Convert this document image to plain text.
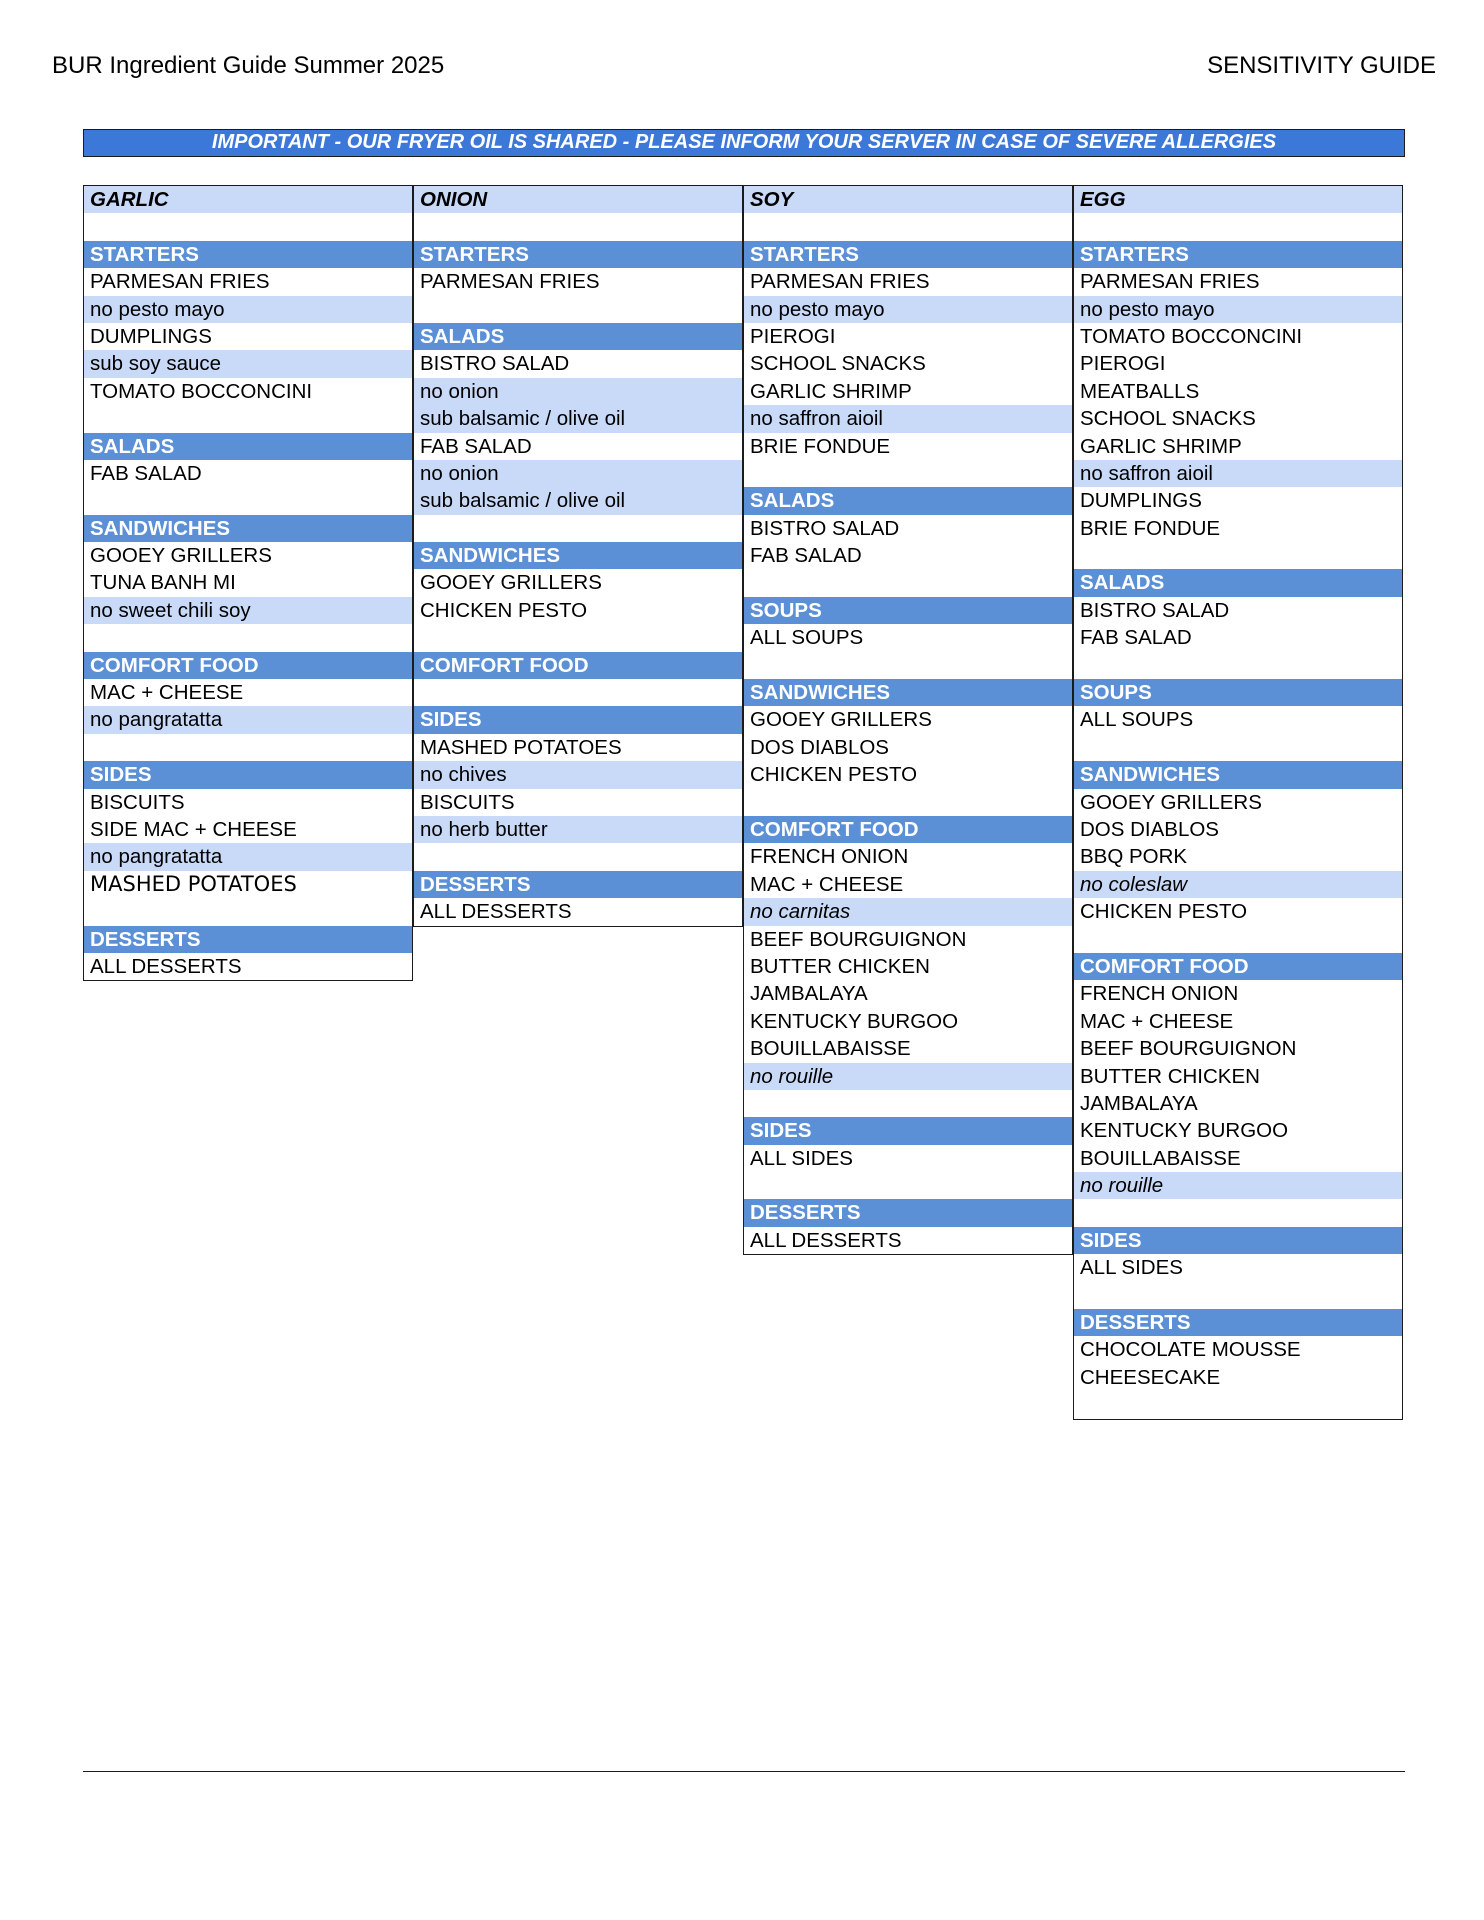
BUR Ingredient Guide Summer 2025	SENSITIVITY GUIDE
IMPORTANT - OUR FRYER OIL IS SHARED - PLEASE INFORM YOUR SERVER IN CASE OF SEVERE ALLERGIES
GARLIC
STARTERS
PARMESAN FRIES
no pesto mayo
DUMPLINGS
sub soy sauce
TOMATO BOCCONCINI
SALADS
FAB SALAD
SANDWICHES
GOOEY GRILLERS
TUNA BANH MI
no sweet chili soy
COMFORT FOOD
MAC + CHEESE
no pangratatta
SIDES
BISCUITS
SIDE MAC + CHEESE
no pangratatta
MASHED POTATOES
DESSERTS
ALL DESSERTS
ONION
STARTERS
PARMESAN FRIES
SALADS
BISTRO SALAD
no onion
sub balsamic / olive oil
FAB SALAD
no onion
sub balsamic / olive oil
SANDWICHES
GOOEY GRILLERS
CHICKEN PESTO
COMFORT FOOD
SIDES
MASHED POTATOES
no chives
BISCUITS
no herb butter
DESSERTS
ALL DESSERTS
SOY
STARTERS
PARMESAN FRIES
no pesto mayo
PIEROGI
SCHOOL SNACKS
GARLIC SHRIMP
no saffron aioil
BRIE FONDUE
SALADS
BISTRO SALAD
FAB SALAD
SOUPS
ALL SOUPS
SANDWICHES
GOOEY GRILLERS
DOS DIABLOS
CHICKEN PESTO
COMFORT FOOD
FRENCH ONION
MAC + CHEESE
no carnitas
BEEF BOURGUIGNON
BUTTER CHICKEN
JAMBALAYA
KENTUCKY BURGOO
BOUILLABAISSE
no rouille
SIDES
ALL SIDES
DESSERTS
ALL DESSERTS
EGG
STARTERS
PARMESAN FRIES
no pesto mayo
TOMATO BOCCONCINI
PIEROGI
MEATBALLS
SCHOOL SNACKS
GARLIC SHRIMP
no saffron aioil
DUMPLINGS
BRIE FONDUE
SALADS
BISTRO SALAD
FAB SALAD
SOUPS
ALL SOUPS
SANDWICHES
GOOEY GRILLERS
DOS DIABLOS
BBQ PORK
no coleslaw
CHICKEN PESTO
COMFORT FOOD
FRENCH ONION
MAC + CHEESE
BEEF BOURGUIGNON
BUTTER CHICKEN
JAMBALAYA
KENTUCKY BURGOO
BOUILLABAISSE
no rouille
SIDES
ALL SIDES
DESSERTS
CHOCOLATE MOUSSE
CHEESECAKE
